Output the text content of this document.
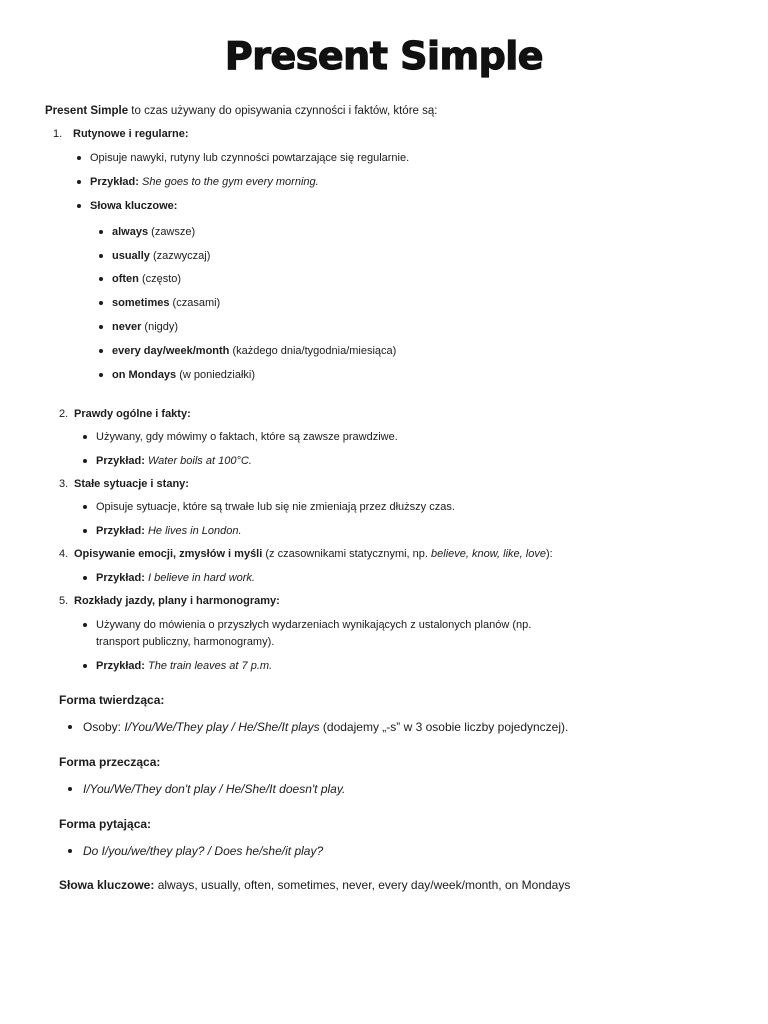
Present Simple
Present Simple to czas używany do opisywania czynności i faktów, które są:
1. Rutynowe i regularne:
Opisuje nawyki, rutyny lub czynności powtarzające się regularnie.
Przykład: She goes to the gym every morning.
Słowa kluczowe:
always (zawsze)
usually (zazwyczaj)
often (często)
sometimes (czasami)
never (nigdy)
every day/week/month (każdego dnia/tygodnia/miesiąca)
on Mondays (w poniedziałki)
2. Prawdy ogólne i fakty:
Używany, gdy mówimy o faktach, które są zawsze prawdziwe.
Przykład: Water boils at 100°C.
3. Stałe sytuacje i stany:
Opisuje sytuacje, które są trwałe lub się nie zmieniają przez dłuższy czas.
Przykład: He lives in London.
4. Opisywanie emocji, zmysłów i myśli (z czasownikami statycznymi, np. believe, know, like, love):
Przykład: I believe in hard work.
5. Rozkłady jazdy, plany i harmonogramy:
Używany do mówienia o przyszłych wydarzeniach wynikających z ustalonych planów (np.
transport publiczny, harmonogramy).
Przykład: The train leaves at 7 p.m.
Forma twierdząca:
Osoby: I/You/We/They play / He/She/It plays (dodajemy „-s” w 3 osobie liczby pojedynczej).
Forma przecząca:
I/You/We/They don't play / He/She/It doesn't play.
Forma pytająca:
Do I/you/we/they play? / Does he/she/it play?
Słowa kluczowe: always, usually, often, sometimes, never, every day/week/month, on Mondays
